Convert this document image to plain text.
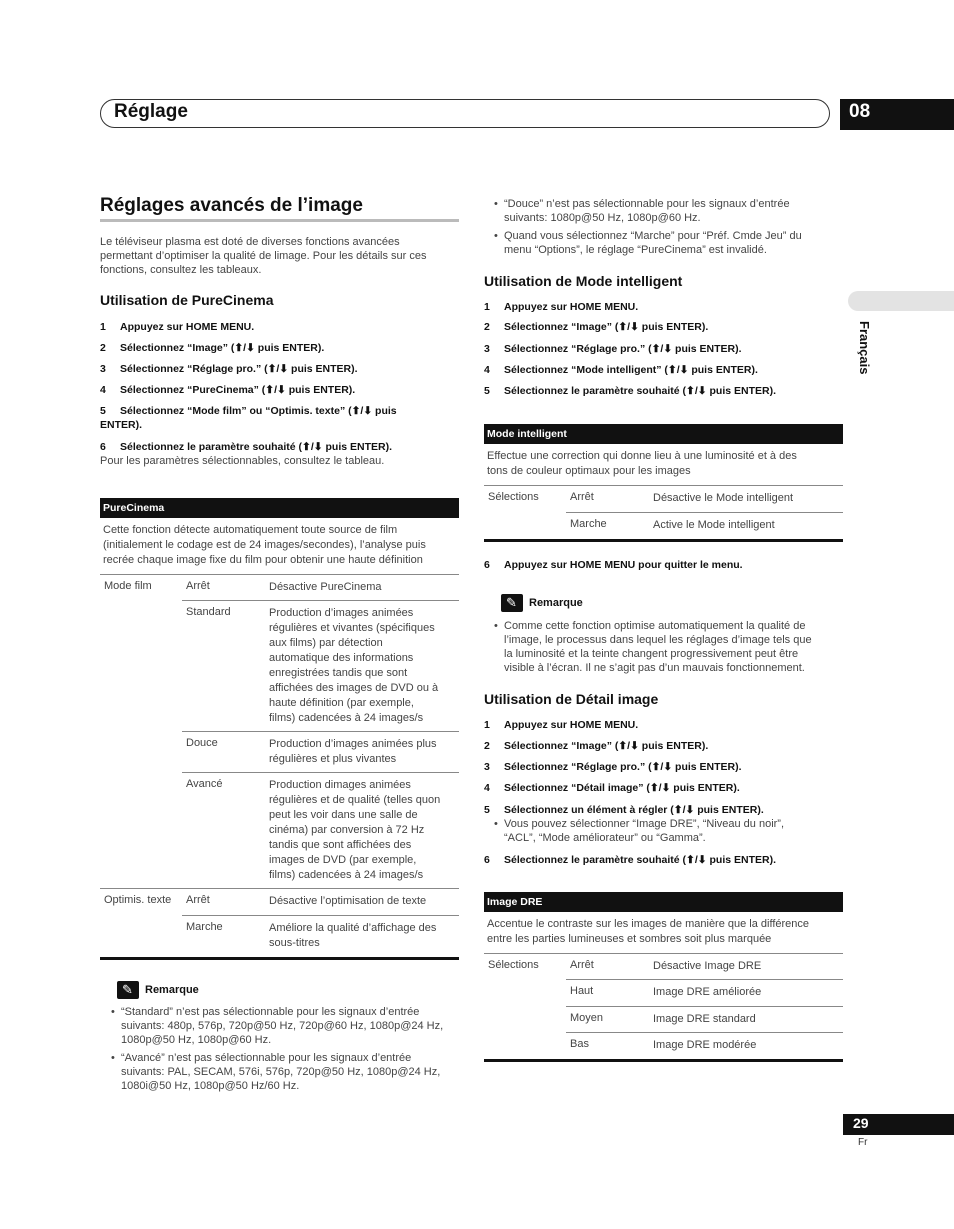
Réglage	08
Français
Réglages avancés de l’image
Le téléviseur plasma est doté de diverses fonctions avancées
permettant d’optimiser la qualité de limage. Pour les détails sur ces
fonctions, consultez les tableaux.
Utilisation de PureCinema
1 Appuyez sur HOME MENU.
2 Sélectionnez “Image” (⬆/⬇ puis ENTER).
3 Sélectionnez “Réglage pro.” (⬆/⬇ puis ENTER).
4 Sélectionnez “PureCinema” (⬆/⬇ puis ENTER).
5 Sélectionnez “Mode film” ou “Optimis. texte” (⬆/⬇ puis
ENTER).
6 Sélectionnez le paramètre souhaité (⬆/⬇ puis ENTER).
Pour les paramètres sélectionnables, consultez le tableau.
PureCinema
Cette fonction détecte automatiquement toute source de film
(initialement le codage est de 24 images/secondes), l’analyse puis
recrée chaque image fixe du film pour obtenir une haute définition
Mode film	Arrêt	Désactive PureCinema
Standard	Production d’images animées
régulières et vivantes (spécifiques
aux films) par détection
automatique des informations
enregistrées tandis que sont
affichées des images de DVD ou à
haute définition (par exemple,
films) cadencées à 24 images/s
Douce	Production d’images animées plus
régulières et plus vivantes
Avancé	Production dimages animées
régulières et de qualité (telles quon
peut les voir dans une salle de
cinéma) par conversion à 72 Hz
tandis que sont affichées des
images de DVD (par exemple,
films) cadencées à 24 images/s
Optimis. texte Arrêt	Désactive l’optimisation de texte
Marche	Améliore la qualité d’affichage des
sous-titres
✎ Remarque
• “Standard” n’est pas sélectionnable pour les signaux d’entrée
suivants: 480p, 576p, 720p@50 Hz, 720p@60 Hz, 1080p@24 Hz,
1080p@50 Hz, 1080p@60 Hz.
• “Avancé” n’est pas sélectionnable pour les signaux d’entrée
suivants: PAL, SECAM, 576i, 576p, 720p@50 Hz, 1080p@24 Hz,
1080i@50 Hz, 1080p@50 Hz/60 Hz.
• “Douce” n’est pas sélectionnable pour les signaux d’entrée
suivants: 1080p@50 Hz, 1080p@60 Hz.
• Quand vous sélectionnez “Marche” pour “Préf. Cmde Jeu” du
menu “Options”, le réglage “PureCinema” est invalidé.
Utilisation de Mode intelligent
1 Appuyez sur HOME MENU.
2 Sélectionnez “Image” (⬆/⬇ puis ENTER).
3 Sélectionnez “Réglage pro.” (⬆/⬇ puis ENTER).
4 Sélectionnez “Mode intelligent” (⬆/⬇ puis ENTER).
5 Sélectionnez le paramètre souhaité (⬆/⬇ puis ENTER).
Mode intelligent
Effectue une correction qui donne lieu à une luminosité et à des
tons de couleur optimaux pour les images
Sélections	Arrêt	Désactive le Mode intelligent
Marche	Active le Mode intelligent
6 Appuyez sur HOME MENU pour quitter le menu.
✎ Remarque
• Comme cette fonction optimise automatiquement la qualité de
l’image, le processus dans lequel les réglages d’image tels que
la luminosité et la teinte changent progressivement peut être
visible à l’écran. Il ne s’agit pas d’un mauvais fonctionnement.
Utilisation de Détail image
1 Appuyez sur HOME MENU.
2 Sélectionnez “Image” (⬆/⬇ puis ENTER).
3 Sélectionnez “Réglage pro.” (⬆/⬇ puis ENTER).
4 Sélectionnez “Détail image” (⬆/⬇ puis ENTER).
5 Sélectionnez un élément à régler (⬆/⬇ puis ENTER).
• Vous pouvez sélectionner “Image DRE”, “Niveau du noir”,
“ACL”, “Mode améliorateur” ou “Gamma”.
6 Sélectionnez le paramètre souhaité (⬆/⬇ puis ENTER).
Image DRE
Accentue le contraste sur les images de manière que la différence
entre les parties lumineuses et sombres soit plus marquée
Sélections	Arrêt	Désactive Image DRE
Haut	Image DRE améliorée
Moyen	Image DRE standard
Bas	Image DRE modérée
29
Fr
